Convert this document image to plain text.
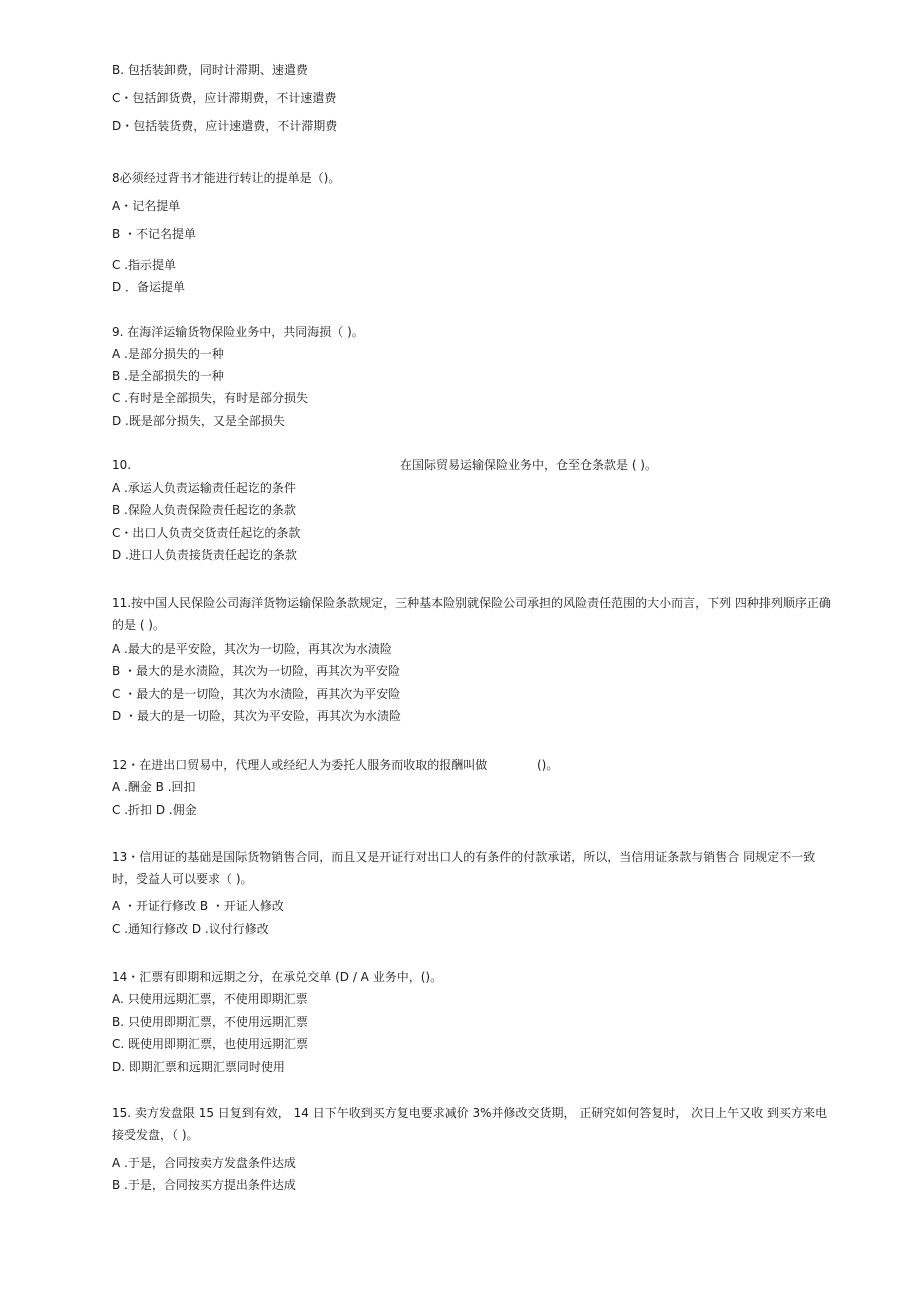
B. 包括装卸费，同时计滞期、速遣费
C・包括卸货费，应计滞期费，不计速遣费
D・包括装货费，应计速遣费，不计滞期费
8必须经过背书才能进行转让的提单是（)。
A・记名提单
B ・不记名提单
C .指示提单
D ．备运提单
9. 在海洋运输货物保险业务中，共同海损（ )。
A .是部分损失的一种
B .是全部损失的一种
C .有时是全部损失，有时是部分损失
D .既是部分损失，又是全部损失
10.	在国际贸易运输保险业务中，仓至仓条款是 ( )。
A .承运人负责运输责任起讫的条件
B .保险人负责保险责任起讫的条款
C・出口人负责交货责任起讫的条款
D .进口人负责接货责任起讫的条款
11.按中国人民保险公司海洋货物运输保险条款规定，三种基本险别就保险公司承担的风险责任范围的大小而言，下列 四种排列顺序正确的是 ( )。
A .最大的是平安险，其次为一切险，再其次为水渍险
B ・最大的是水渍险，其次为一切险，再其次为平安险
C ・最大的是一切险，其次为水渍险，再其次为平安险
D ・最大的是一切险，其次为平安险，再其次为水渍险
12・在进出口贸易中，代理人或经纪人为委托人服务而收取的报酬叫做	()。
A .酬金 B .回扣
C .折扣 D .佣金
13・信用证的基础是国际货物销售合同，而且又是开证行对出口人的有条件的付款承诺，所以，当信用证条款与销售合 同规定不一致时，受益人可以要求（ )。
A ・开证行修改 B ・开证人修改
C .通知行修改 D .议付行修改
14・汇票有即期和远期之分，在承兑交单 (D / A 业务中，()。
A. 只使用远期汇票，不使用即期汇票
B. 只使用即期汇票，不使用远期汇票
C. 既使用即期汇票，也使用远期汇票
D. 即期汇票和远期汇票同时使用
15. 卖方发盘限 15 日复到有效， 14 日下午收到买方复电要求减价 3%并修改交货期， 正研究如何答复时， 次日上午又收 到买方来电接受发盘，（ )。
A .于是，合同按卖方发盘条件达成
B .于是，合同按买方提出条件达成
